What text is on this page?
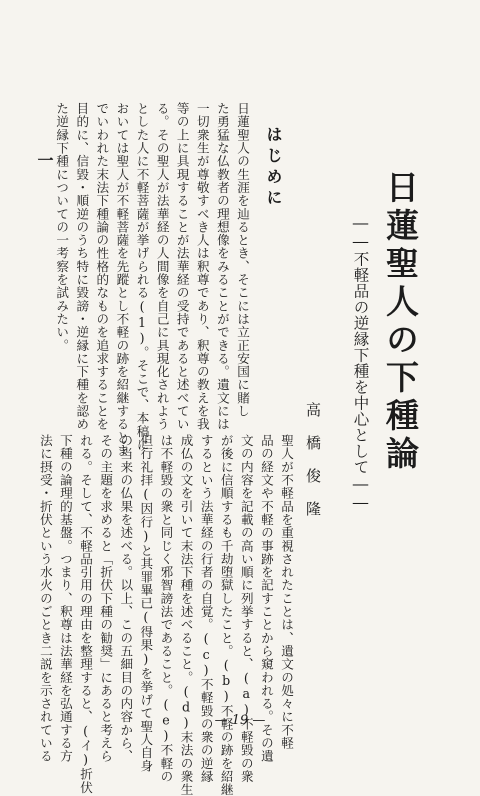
日蓮聖人の下種論
――不軽品の逆縁下種を中心として――
高橋俊隆
はじめに
一	日蓮聖人の生涯を辿るとき、そこには立正安国に賭し

た勇猛な仏教者の理想像をみることができる。遺文には

一切衆生が尊敬すべき人は釈尊であり、釈尊の教えを我

等の上に具現することが法華経の受持であると述べてい

る。その聖人が法華経の人間像を自己に具現化されよう

とした人に不軽菩薩が挙げられる(1)。そこで、本稿に

おいては聖人が不軽菩薩を先蹤とし不軽の跡を紹継するとま

でいわれた末法下種論の性格的なものを追求することを

目的に、信毀・順逆のうち特に毀謗・逆縁に下種を認め

た逆縁下種についての一考察を試みたい。

聖人が不軽品を重視されたことは、遺文の処々に不軽

品の経文や不軽の事跡を記すことから窺われる。その遺

文の内容を記載の高い順に列挙すると、(a)不軽毀の衆

が後に信順するも千劫堕獄したこと。(b)不軽の跡を紹継

するという法華経の行者の自覚。(c)不軽毀の衆の逆縁

成仏の文を引いて末法下種を述べること。(d)末法の衆生

は不軽毀の衆と同じく邪智謗法であること。(e)不軽の

但行礼拝(因行)と其罪畢已(得果)を挙げて聖人自身

の当来の仏果を述べる。以上、この五細目の内容から、

その主題を求めると「折伏下種の勧奨」にあると考えら

れる。そして、不軽品引用の理由を整理すると、(イ)折伏

下種の論理的基盤。つまり、釈尊は法華経を弘通する方

法に摂受・折伏という水火のごとき二説を示されている	— 19 —
